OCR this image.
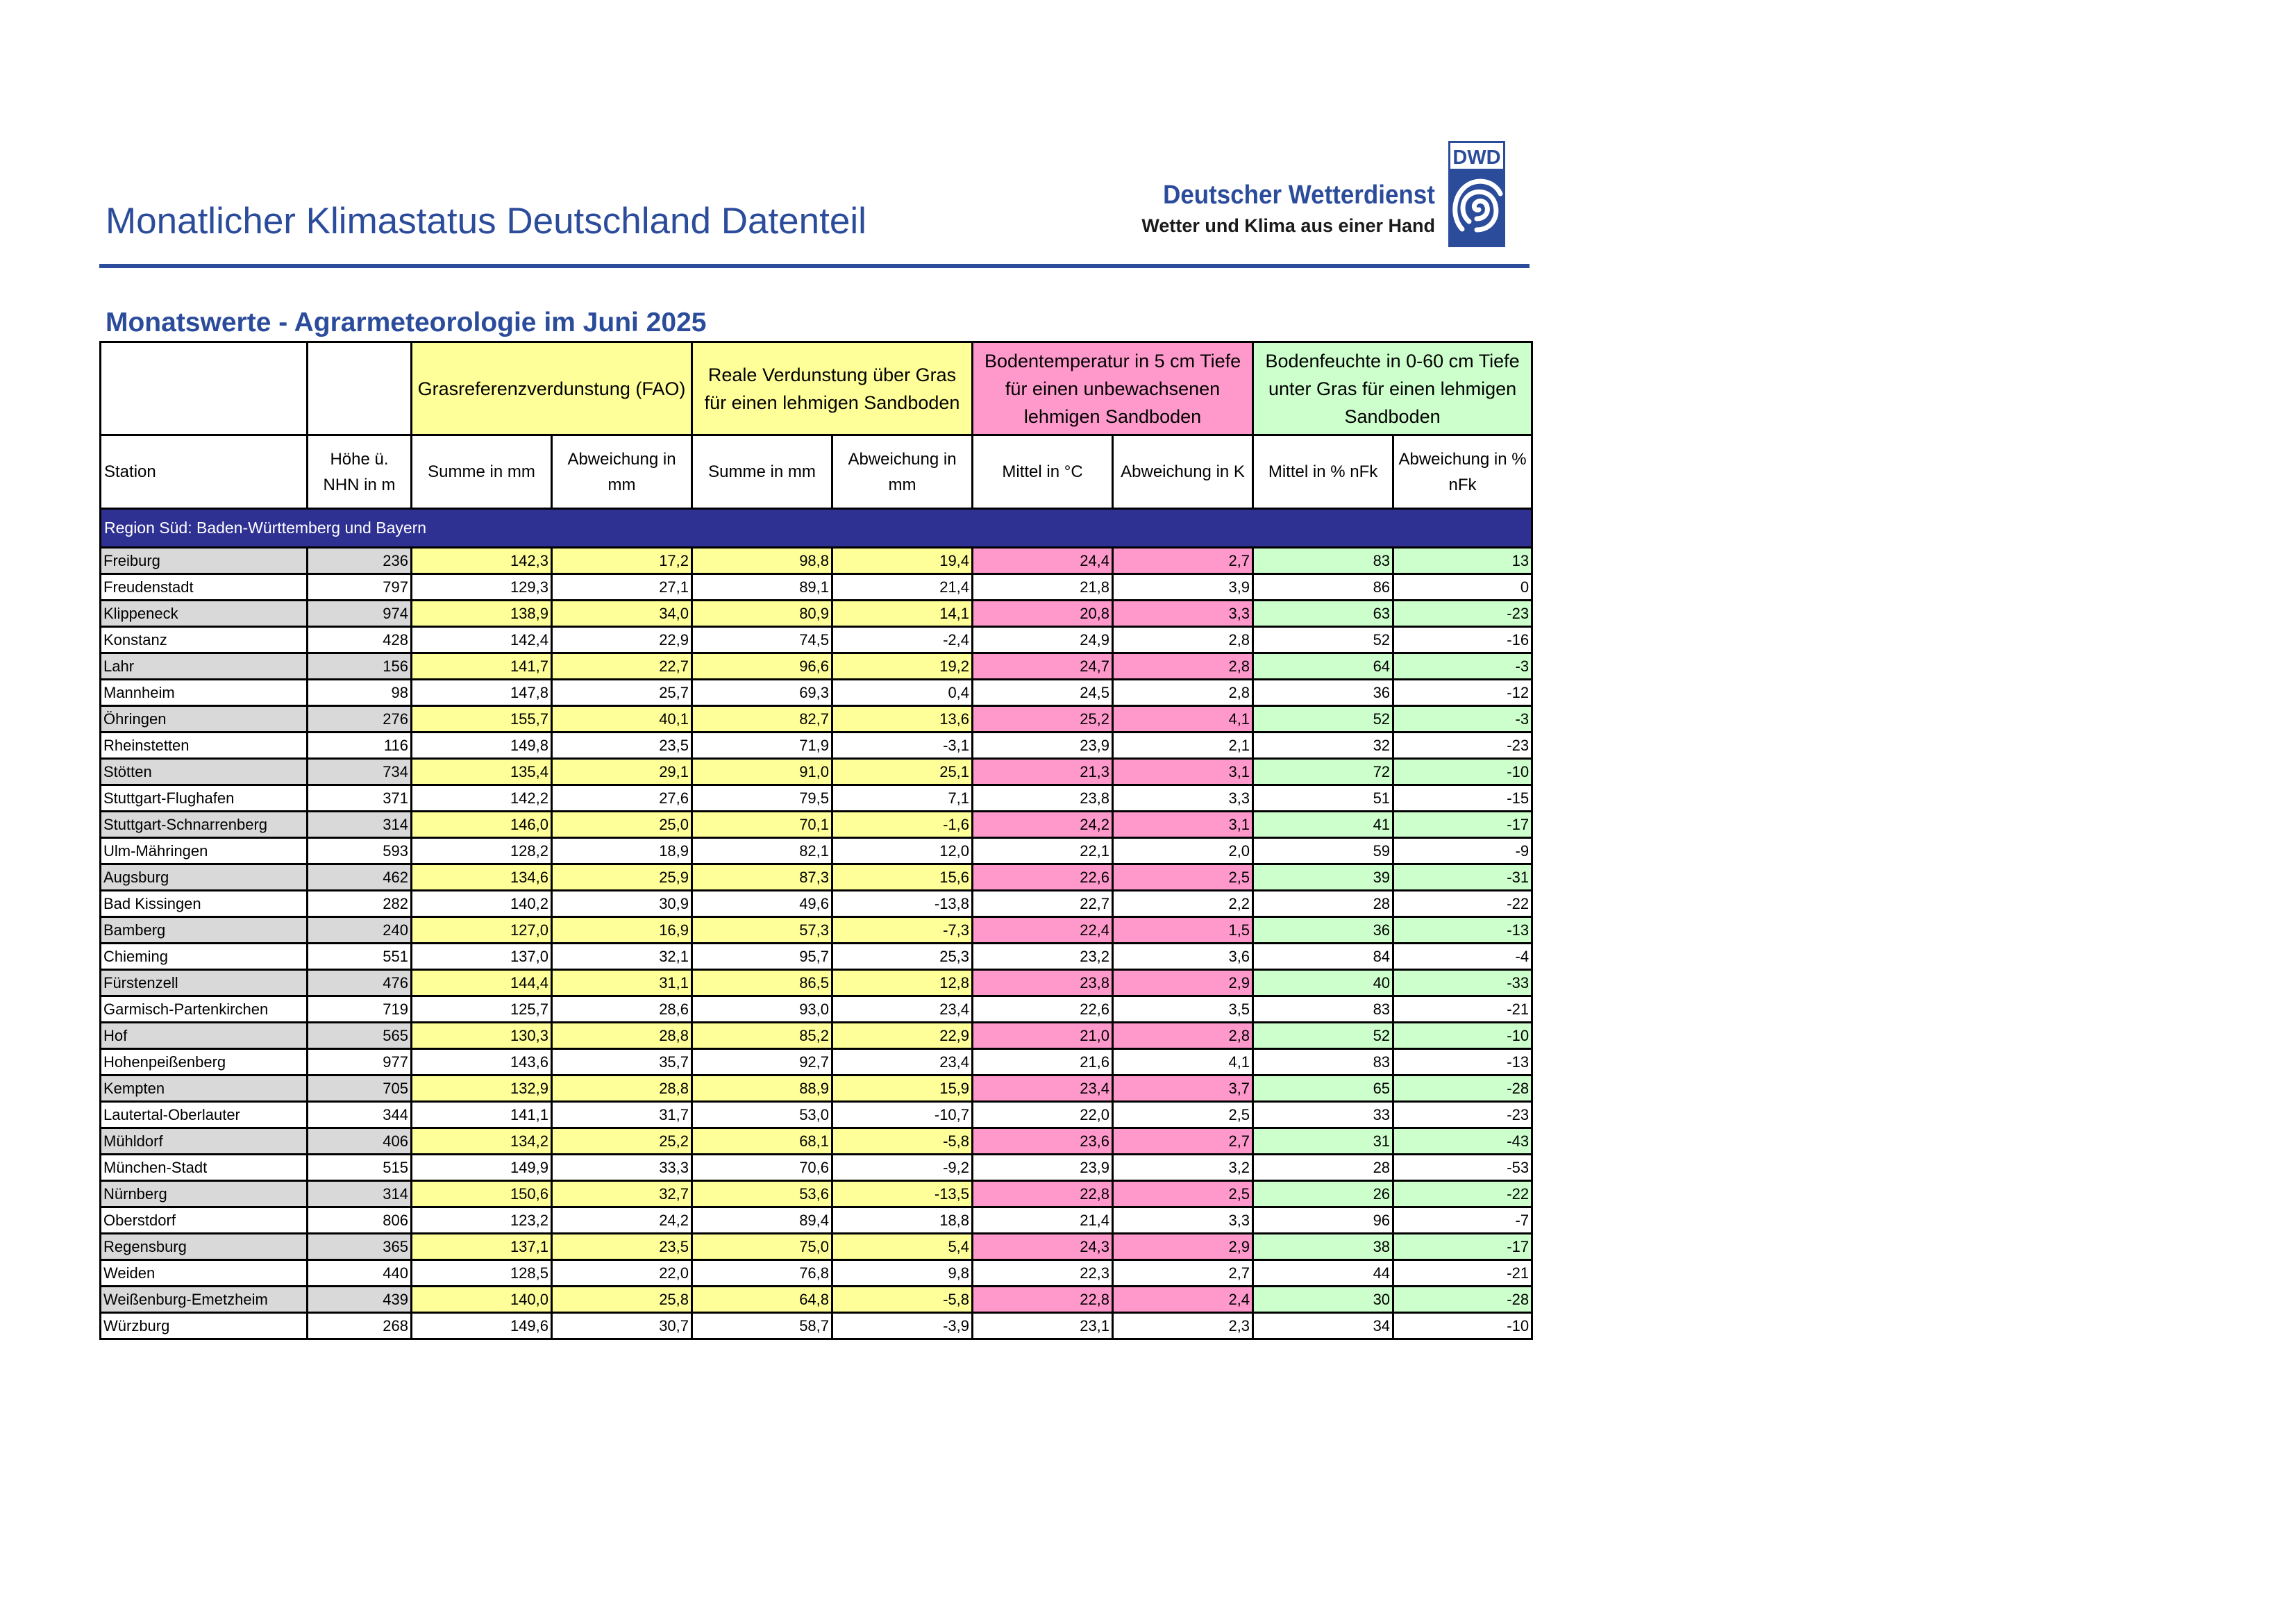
Monatlicher Klimastatus Deutschland Datenteil
Deutscher Wetterdienst
Wetter und Klima aus einer Hand
DWD
Monatswerte - Agrarmeteorologie im Juni 2025
		Grasreferenzverdunstung (FAO)		Reale Verdunstung über Gras für einen lehmigen Sandboden		Bodentemperatur in 5 cm Tiefe für einen unbewachsenen lehmigen Sandboden		Bodenfeuchte in 0-60 cm Tiefe unter Gras für einen lehmigen Sandboden	
Station	Höhe ü. NHN in m	Summe in mm	Abweichung in mm	Summe in mm	Abweichung in mm	Mittel in °C	Abweichung in K	Mittel in % nFk	Abweichung in % nFk
Region Süd: Baden-Württemberg und Bayern									
Freiburg	236	142,3	17,2	98,8	19,4	24,4	2,7	83	13
Freudenstadt	797	129,3	27,1	89,1	21,4	21,8	3,9	86	0
Klippeneck	974	138,9	34,0	80,9	14,1	20,8	3,3	63	-23
Konstanz	428	142,4	22,9	74,5	-2,4	24,9	2,8	52	-16
Lahr	156	141,7	22,7	96,6	19,2	24,7	2,8	64	-3
Mannheim	98	147,8	25,7	69,3	0,4	24,5	2,8	36	-12
Öhringen	276	155,7	40,1	82,7	13,6	25,2	4,1	52	-3
Rheinstetten	116	149,8	23,5	71,9	-3,1	23,9	2,1	32	-23
Stötten	734	135,4	29,1	91,0	25,1	21,3	3,1	72	-10
Stuttgart-Flughafen	371	142,2	27,6	79,5	7,1	23,8	3,3	51	-15
Stuttgart-Schnarrenberg	314	146,0	25,0	70,1	-1,6	24,2	3,1	41	-17
Ulm-Mähringen	593	128,2	18,9	82,1	12,0	22,1	2,0	59	-9
Augsburg	462	134,6	25,9	87,3	15,6	22,6	2,5	39	-31
Bad Kissingen	282	140,2	30,9	49,6	-13,8	22,7	2,2	28	-22
Bamberg	240	127,0	16,9	57,3	-7,3	22,4	1,5	36	-13
Chieming	551	137,0	32,1	95,7	25,3	23,2	3,6	84	-4
Fürstenzell	476	144,4	31,1	86,5	12,8	23,8	2,9	40	-33
Garmisch-Partenkirchen	719	125,7	28,6	93,0	23,4	22,6	3,5	83	-21
Hof	565	130,3	28,8	85,2	22,9	21,0	2,8	52	-10
Hohenpeißenberg	977	143,6	35,7	92,7	23,4	21,6	4,1	83	-13
Kempten	705	132,9	28,8	88,9	15,9	23,4	3,7	65	-28
Lautertal-Oberlauter	344	141,1	31,7	53,0	-10,7	22,0	2,5	33	-23
Mühldorf	406	134,2	25,2	68,1	-5,8	23,6	2,7	31	-43
München-Stadt	515	149,9	33,3	70,6	-9,2	23,9	3,2	28	-53
Nürnberg	314	150,6	32,7	53,6	-13,5	22,8	2,5	26	-22
Oberstdorf	806	123,2	24,2	89,4	18,8	21,4	3,3	96	-7
Regensburg	365	137,1	23,5	75,0	5,4	24,3	2,9	38	-17
Weiden	440	128,5	22,0	76,8	9,8	22,3	2,7	44	-21
Weißenburg-Emetzheim	439	140,0	25,8	64,8	-5,8	22,8	2,4	30	-28
Würzburg	268	149,6	30,7	58,7	-3,9	23,1	2,3	34	-10
